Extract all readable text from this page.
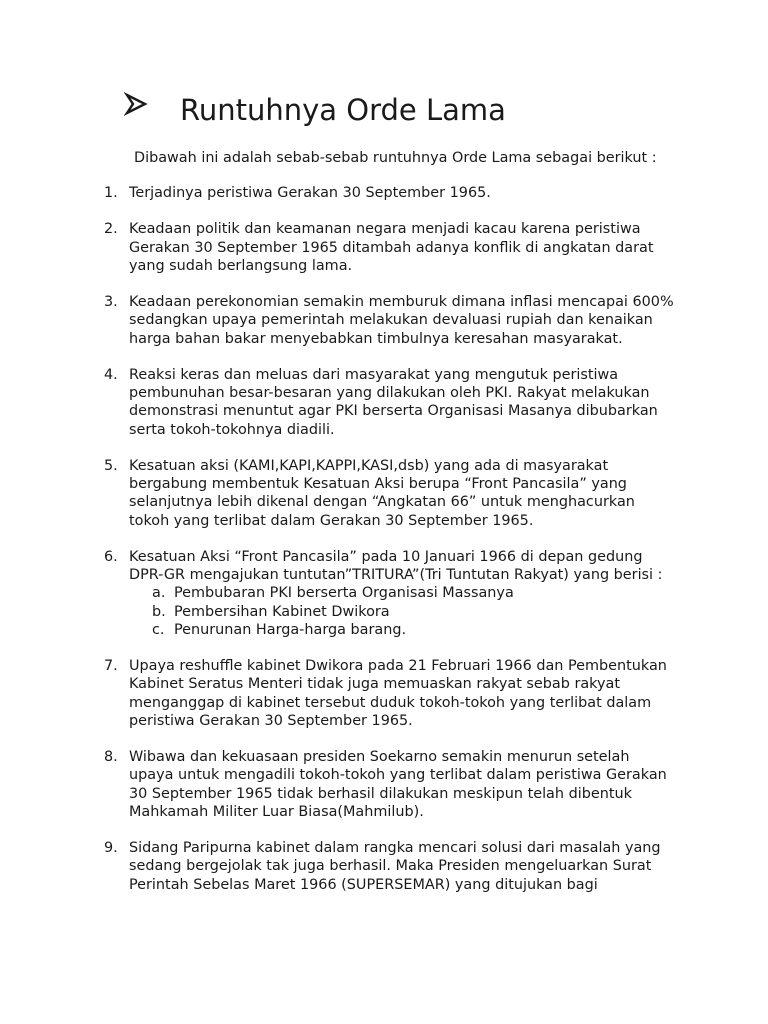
Runtuhnya Orde Lama
Dibawah ini adalah sebab-sebab runtuhnya Orde Lama sebagai berikut :
1. Terjadinya peristiwa Gerakan 30 September 1965.
2. Keadaan politik dan keamanan negara menjadi kacau karena peristiwa Gerakan 30 September 1965 ditambah adanya konflik di angkatan darat yang sudah berlangsung lama.
3. Keadaan perekonomian semakin memburuk dimana inflasi mencapai 600% sedangkan upaya pemerintah melakukan devaluasi rupiah dan kenaikan harga bahan bakar menyebabkan timbulnya keresahan masyarakat.
4. Reaksi keras dan meluas dari masyarakat yang mengutuk peristiwa pembunuhan besar-besaran yang dilakukan oleh PKI. Rakyat melakukan demonstrasi menuntut agar PKI berserta Organisasi Masanya dibubarkan serta tokoh-tokohnya diadili.
5. Kesatuan aksi (KAMI,KAPI,KAPPI,KASI,dsb) yang ada di masyarakat bergabung membentuk Kesatuan Aksi berupa “Front Pancasila” yang selanjutnya lebih dikenal dengan “Angkatan 66” untuk menghacurkan tokoh yang terlibat dalam Gerakan 30 September 1965.
6. Kesatuan Aksi “Front Pancasila” pada 10 Januari 1966 di depan gedung DPR-GR mengajukan tuntutan”TRITURA”(Tri Tuntutan Rakyat) yang berisi :
a. Pembubaran PKI berserta Organisasi Massanya
b. Pembersihan Kabinet Dwikora
c. Penurunan Harga-harga barang.
7. Upaya reshuffle kabinet Dwikora pada 21 Februari 1966 dan Pembentukan Kabinet Seratus Menteri tidak juga memuaskan rakyat sebab rakyat menganggap di kabinet tersebut duduk tokoh-tokoh yang terlibat dalam peristiwa Gerakan 30 September 1965.
8. Wibawa dan kekuasaan presiden Soekarno semakin menurun setelah upaya untuk mengadili tokoh-tokoh yang terlibat dalam peristiwa Gerakan 30 September 1965 tidak berhasil dilakukan meskipun telah dibentuk Mahkamah Militer Luar Biasa(Mahmilub).
9. Sidang Paripurna kabinet dalam rangka mencari solusi dari masalah yang sedang bergejolak tak juga berhasil. Maka Presiden mengeluarkan Surat Perintah Sebelas Maret 1966 (SUPERSEMAR) yang ditujukan bagi
